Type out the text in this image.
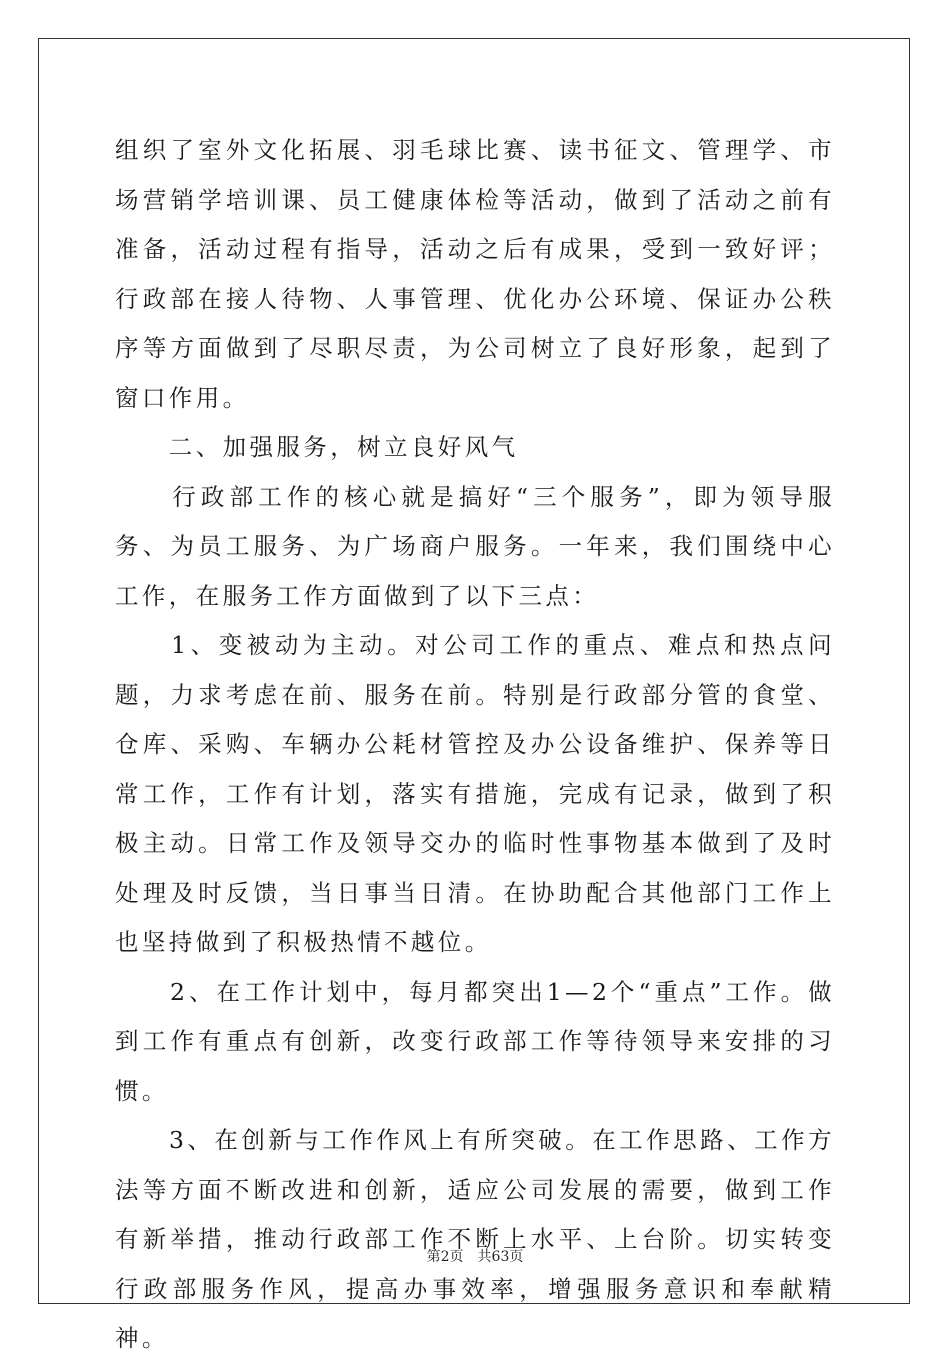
组织了室外文化拓展、羽毛球比赛、读书征文、管理学、市场营销学培训课、员工健康体检等活动，做到了活动之前有准备，活动过程有指导，活动之后有成果，受到一致好评；行政部在接人待物、人事管理、优化办公环境、保证办公秩序等方面做到了尽职尽责，为公司树立了良好形象，起到了窗口作用。

　　二、加强服务，树立良好风气

　　行政部工作的核心就是搞好“三个服务”，即为领导服务、为员工服务、为广场商户服务。一年来，我们围绕中心工作，在服务工作方面做到了以下三点：

　　1、变被动为主动。对公司工作的重点、难点和热点问题，力求考虑在前、服务在前。特别是行政部分管的食堂、仓库、采购、车辆办公耗材管控及办公设备维护、保养等日常工作，工作有计划，落实有措施，完成有记录，做到了积极主动。日常工作及领导交办的临时性事物基本做到了及时处理及时反馈，当日事当日清。在协助配合其他部门工作上也坚持做到了积极热情不越位。

　　2、在工作计划中，每月都突出1—2个“重点”工作。做到工作有重点有创新，改变行政部工作等待领导来安排的习惯。

　　3、在创新与工作作风上有所突破。在工作思路、工作方法等方面不断改进和创新，适应公司发展的需要，做到工作有新举措，推动行政部工作不断上水平、上台阶。切实转变行政部服务作风，提高办事效率，增强服务意识和奉献精神。

第2页 共63页
